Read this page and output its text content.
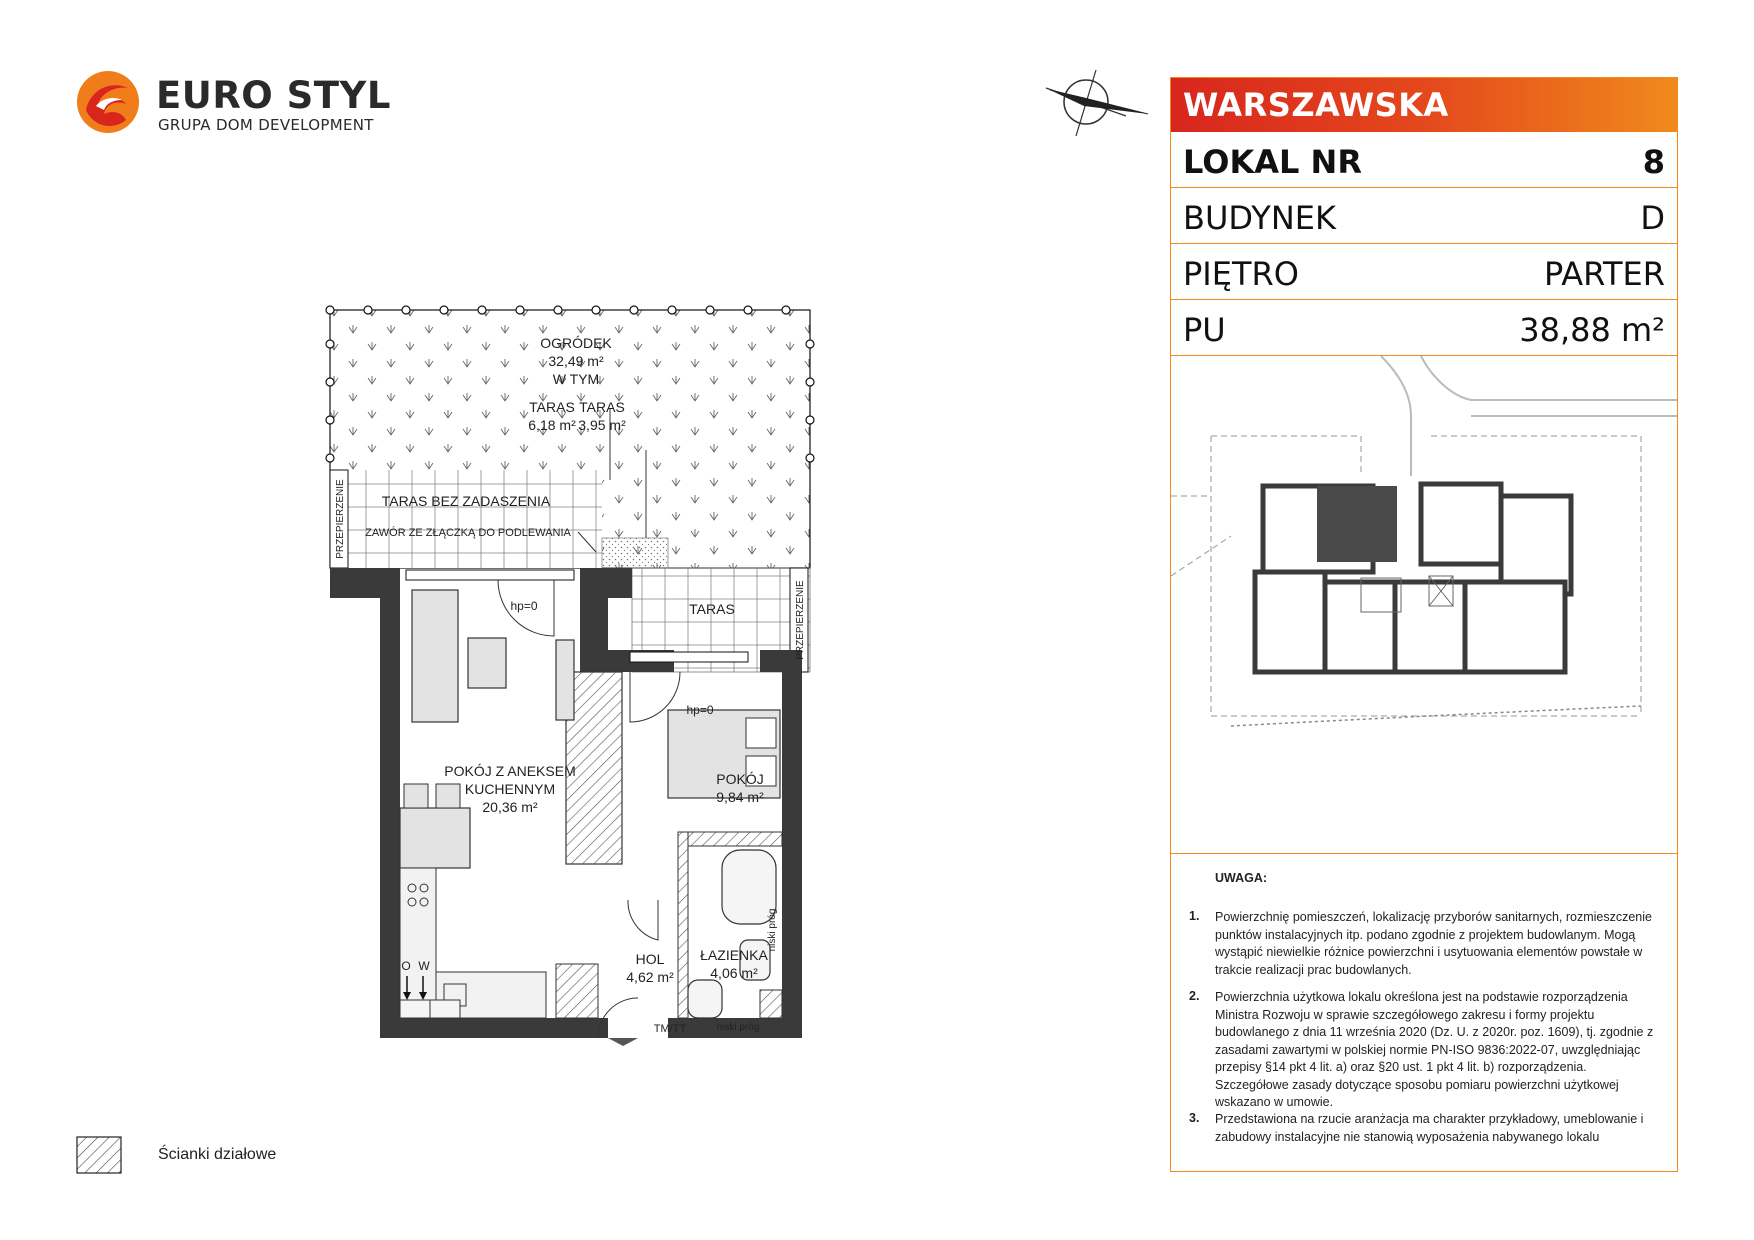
EURO STYL
GRUPA DOM DEVELOPMENT
OGRÓDEK
32,49 m²
W TYM
TARAS
6,18 m²
TARAS
3,95 m²
TARAS BEZ ZADASZENIA
ZAWÓR ZE ZŁĄCZKĄ DO PODLEWANIA
PRZEPIERZENIE
PRZEPIERZENIE
TARAS
hp=0
hp=0
POKÓJ Z ANEKSEM
KUCHENNYM
20,36 m²
POKÓJ
9,84 m²
HOL
4,62 m²
ŁAZIENKA
4,06 m²
niski próg
niski próg
TM/TT
O W
Ścianki działowe
WARSZAWSKA
LOKAL NR	8
BUDYNEK	D
PIĘTRO	PARTER
PU	38,88 m²
UWAGA:
1. Powierzchnię pomieszczeń, lokalizację przyborów sanitarnych, rozmieszczenie punktów instalacyjnych itp. podano zgodnie z projektem budowlanym. Mogą wystąpić niewielkie różnice powierzchni i usytuowania elementów powstałe w trakcie realizacji prac budowlanych.
2. Powierzchnia użytkowa lokalu określona jest na podstawie rozporządzenia Ministra Rozwoju w sprawie szczegółowego zakresu i formy projektu budowlanego z dnia 11 września 2020 (Dz. U. z 2020r. poz. 1609), tj. zgodnie z zasadami zawartymi w polskiej normie PN-ISO 9836:2022-07, uwzględniając przepisy §14 pkt 4 lit. a) oraz §20 ust. 1 pkt 4 lit. b) rozporządzenia. Szczegółowe zasady dotyczące sposobu pomiaru powierzchni użytkowej wskazano w umowie.
3. Przedstawiona na rzucie aranżacja ma charakter przykładowy, umeblowanie i zabudowy instalacyjne nie stanowią wyposażenia nabywanego lokalu
